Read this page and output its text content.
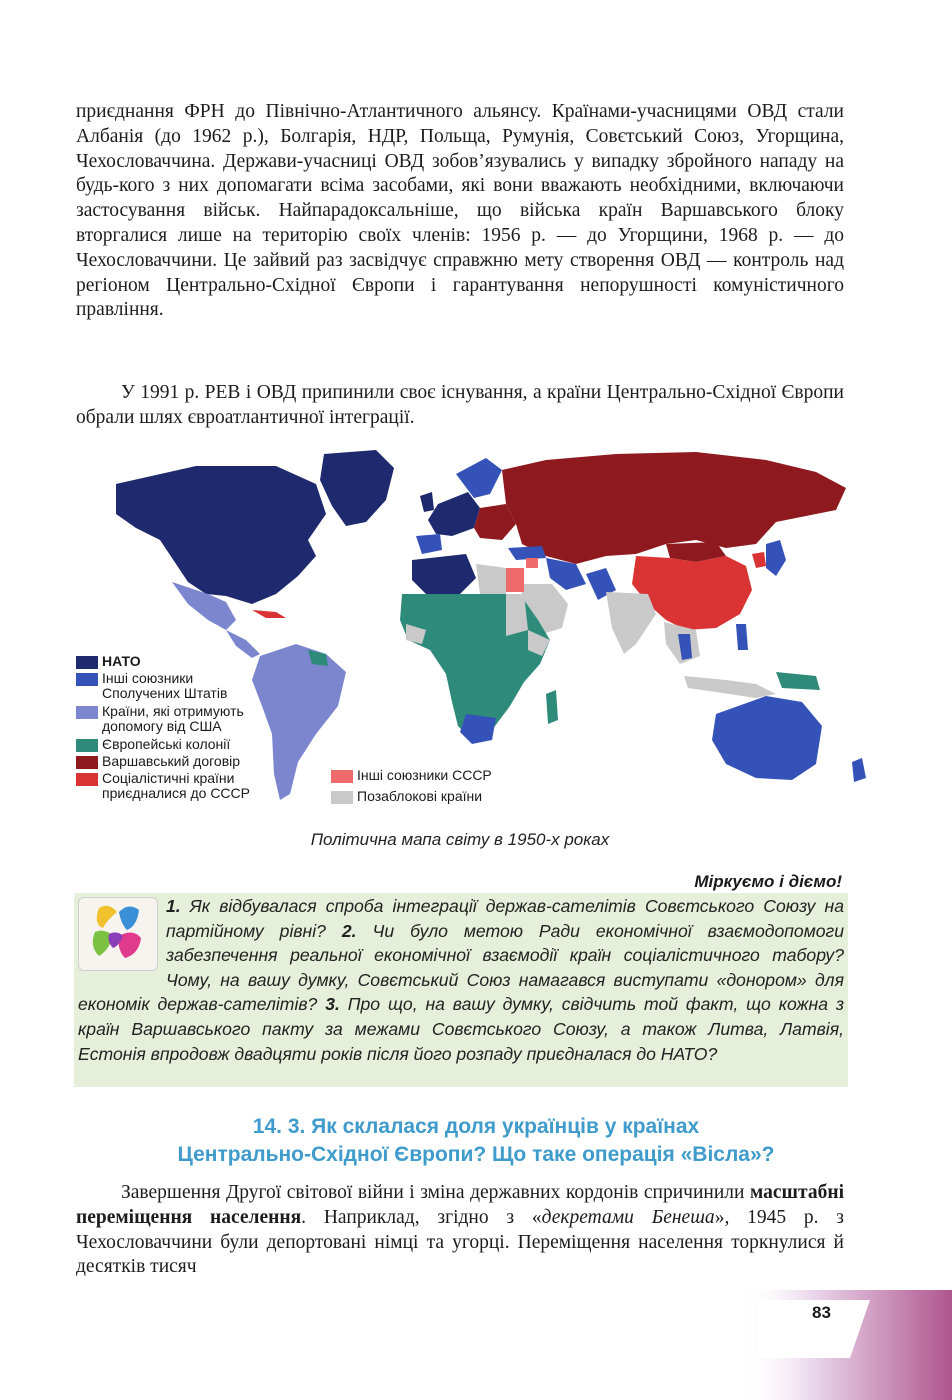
приєднання ФРН до Північно-Атлантичного альянсу. Країнами-учасницями ОВД стали Албанія (до 1962 р.), Болгарія, НДР, Польща, Румунія, Совєтський Союз, Угорщина, Чехословаччина. Держави-учасниці ОВД зобов’язувались у випадку збройного нападу на будь-кого з них допомагати всіма засобами, які вони вважають необхідними, включаючи застосування військ. Найпарадоксальніше, що війська країн Варшавського блоку вторгалися лише на територію своїх членів: 1956 р. — до Угорщини, 1968 р. — до Чехословаччини. Це зайвий раз засвідчує справжню мету створення ОВД — контроль над регіоном Центрально-Східної Європи і гарантування непорушності комуністичного правління.

У 1991 р. РЕВ і ОВД припинили своє існування, а країни Центрально-Східної Європи обрали шлях євроатлантичної інтеграції.

НАТО
Інші союзники
Сполучених Штатів
Країни, які отримують
допомогу від США
Європейські колонії
Варшавський договір
Соціалістичні країни
приєдналися до СССР
Інші союзники СССР
Позаблокові країни
Політична мапа світу в 1950-х роках
Міркуємо і діємо!

1. Як відбувалася спроба інтеграції держав-сателітів Совєтського Союзу на партійному рівні? 2. Чи було метою Ради економічної взаємодопомоги забезпечення реальної економічної взаємодії країн соціалістичного табору? Чому, на вашу думку, Совєтський Союз намагався виступати «донором» для економік держав-сателітів? 3. Про що, на вашу думку, свідчить той факт, що кожна з країн Варшавського пакту за межами Совєтського Союзу, а також Литва, Латвія, Естонія впродовж двадцяти років після його розпаду приєдналася до НАТО?

14. 3. Як склалася доля українців у країнах
Центрально-Східної Європи? Що таке операція «Вісла»?

Завершення Другої світової війни і зміна державних кордонів спричинили масштабні переміщення населення. Наприклад, згідно з «декретами Бенеша», 1945 р. з Чехословаччини були депортовані німці та угорці. Переміщення населення торкнулися й десятків тисяч

83
